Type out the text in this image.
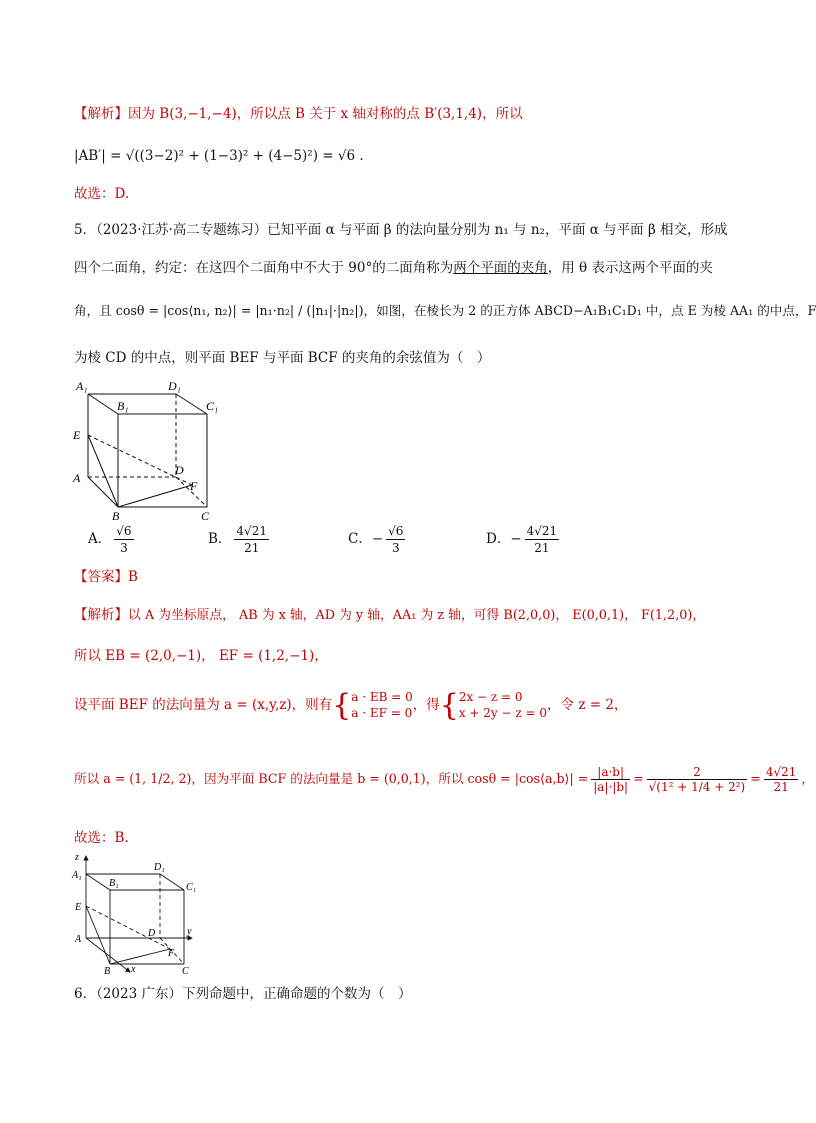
【解析】因为 B(3,−1,−4)，所以点 B 关于 x 轴对称的点 B′(3,1,4)，所以
|AB′| = √((3−2)² + (1−3)² + (4−5)²) = √6 .
故选：D.
5．（2023·江苏·高二专题练习）已知平面 α 与平面 β 的法向量分别为 n₁ 与 n₂，平面 α 与平面 β 相交，形成
四个二面角，约定：在这四个二面角中不大于 90°的二面角称为两个平面的夹角，用 θ 表示这两个平面的夹
角，且 cosθ = |cos⟨n₁, n₂⟩| = |n₁·n₂| / (|n₁|·|n₂|)，如图，在棱长为 2 的正方体 ABCD−A₁B₁C₁D₁ 中，点 E 为棱 AA₁ 的中点，F
为棱 CD 的中点，则平面 BEF 与平面 BCF 的夹角的余弦值为（　）
A₁	D₁
B₁	C₁
E
D
A
F
B	C
A． $\frac{√6}{3}$	B． $\frac{4√21}{21}$	C．− $\frac{√6}{3}$	D．− $\frac{4√21}{21}$
【答案】B
【解析】以 A 为坐标原点， AB 为 x 轴，AD 为 y 轴，AA₁ 为 z 轴，可得 B(2,0,0)， E(0,0,1)， F(1,2,0)，
所以 EB = (2,0,−1)， EF = (1,2,−1)，
设平面 BEF 的法向量为 a = (x,y,z)，则有 { a · EB = 0
a · EF = 0 ，得 { 2x − z = 0
x + 2y − z = 0 ，令 z = 2，
所以 a = (1, 1/2, 2)，因为平面 BCF 的法向量是 b = (0,0,1)，所以 cosθ = |cos⟨a,b⟩| = $\frac{|a\cdot b|}{|a|\cdot|b|} = \frac{2}{\text{√(1² + 1/4 + 2²)}} = \frac{4√21}{21}$ ，
故选：B.
z
A₁
D₁
B₁	C₁
E
D	y
A
F
B	C
x
6．（2023 广东）下列命题中，正确命题的个数为（　）
